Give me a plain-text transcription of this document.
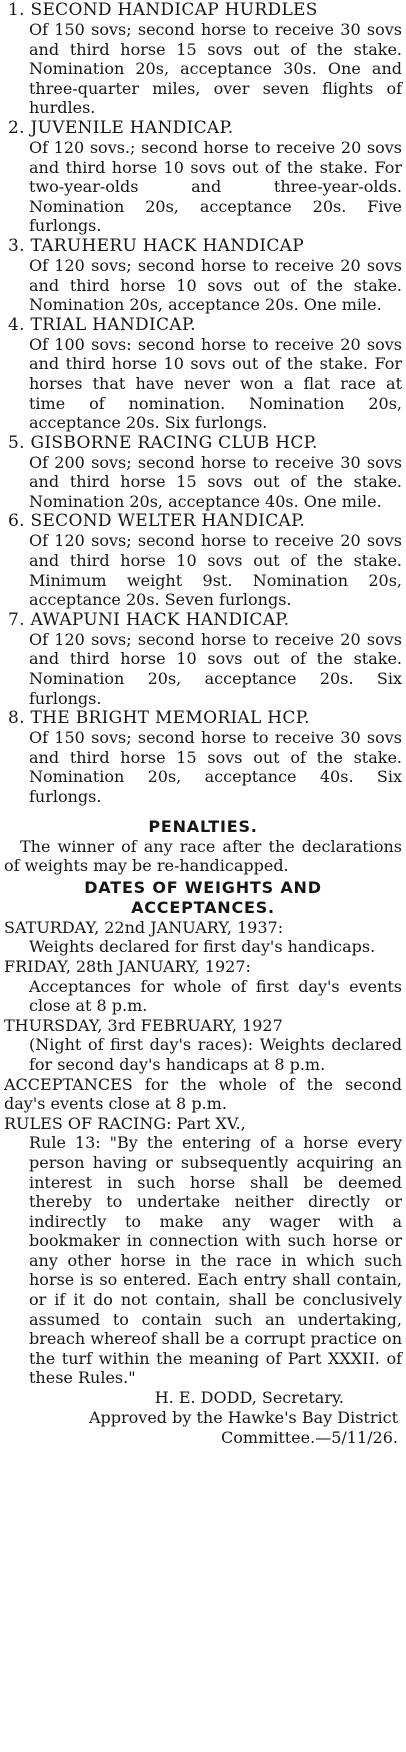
1. SECOND HANDICAP HURDLES
Of 150 sovs; second horse to receive 30 sovs and third horse 15 sovs out of the stake. Nomination 20s, acceptance 30s. One and three-quarter miles, over seven flights of hurdles.
2. JUVENILE HANDICAP.
Of 120 sovs.; second horse to receive 20 sovs and third horse 10 sovs out of the stake. For two-year-olds and three-year-olds. Nomination 20s, acceptance 20s. Five furlongs.
3. TARUHERU HACK HANDICAP
Of 120 sovs; second horse to receive 20 sovs and third horse 10 sovs out of the stake. Nomination 20s, acceptance 20s. One mile.
4. TRIAL HANDICAP.
Of 100 sovs: second horse to receive 20 sovs and third horse 10 sovs out of the stake. For horses that have never won a flat race at time of nomination. Nomination 20s, acceptance 20s. Six furlongs.
5. GISBORNE RACING CLUB HCP.
Of 200 sovs; second horse to receive 30 sovs and third horse 15 sovs out of the stake. Nomination 20s, acceptance 40s. One mile.
6. SECOND WELTER HANDICAP.
Of 120 sovs; second horse to receive 20 sovs and third horse 10 sovs out of the stake. Minimum weight 9st. Nomination 20s, acceptance 20s. Seven furlongs.
7. AWAPUNI HACK HANDICAP.
Of 120 sovs; second horse to receive 20 sovs and third horse 10 sovs out of the stake. Nomination 20s, acceptance 20s. Six furlongs.
8. THE BRIGHT MEMORIAL HCP.
Of 150 sovs; second horse to receive 30 sovs and third horse 15 sovs out of the stake. Nomination 20s, acceptance 40s. Six furlongs.
PENALTIES.
The winner of any race after the declarations of weights may be re-handicapped.
DATES OF WEIGHTS AND
ACCEPTANCES.
SATURDAY, 22nd JANUARY, 1937:
Weights declared for first day's handicaps.
FRIDAY, 28th JANUARY, 1927:
Acceptances for whole of first day's events close at 8 p.m.
THURSDAY, 3rd FEBRUARY, 1927
(Night of first day's races): Weights declared for second day's handicaps at 8 p.m.
ACCEPTANCES for the whole of the second day's events close at 8 p.m.
RULES OF RACING: Part XV.,
Rule 13: "By the entering of a horse every person having or subsequently acquiring an interest in such horse shall be deemed thereby to undertake neither directly or indirectly to make any wager with a bookmaker in connection with such horse or any other horse in the race in which such horse is so entered. Each entry shall contain, or if it do not contain, shall be conclusively assumed to contain such an undertaking, breach whereof shall be a corrupt practice on the turf within the meaning of Part XXXII. of these Rules."
H. E. DODD, Secretary.
Approved by the Hawke's Bay District Committee.—5/11/26.
